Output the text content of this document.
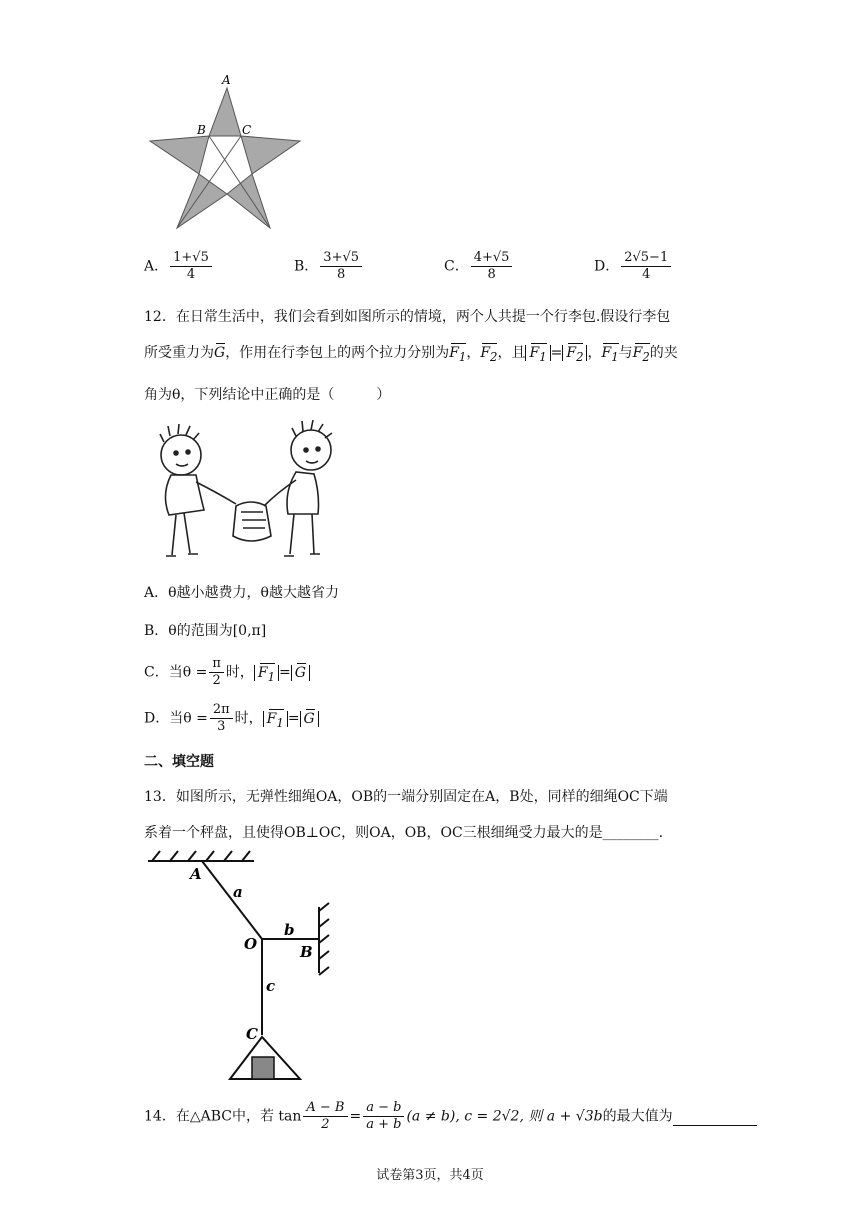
A
B	C
A． $\frac{1+√5}{4}$	B． $\frac{3+√5}{8}$	C． $\frac{4+√5}{8}$	D． $\frac{2√5-1}{4}$
12．在日常生活中，我们会看到如图所示的情境，两个人共提一个行李包.假设行李包
所受重力为G，作用在行李包上的两个拉力分别为$F_1$，$F_2$，且 $F_1 = F_2$ ，$F_1$与$F_2$的夹
角为θ，下列结论中正确的是（　　　）
A．θ越小越费力，θ越大越省力
B．θ的范围为[0,π]
C．当$\theta = \frac{\pi}{2}$ 时， $F_1 = G$
D．当$\theta = \frac{2\pi}{3}$ 时， $F_1 = G$
二、填空题
13．如图所示，无弹性细绳OA，OB的一端分别固定在A，B处，同样的细绳OC下端
系着一个秤盘，且使得OB⊥OC，则OA，OB，OC三根细绳受力最大的是________.
A
a
O
b
B
c
C
14．在△ABC中，若 $\tan \frac{A - B}{2} = \frac{a - b}{a + b} (a \ne b)$, c = 2√2, 则 a + √3b的最大值为
试卷第3页，共4页
